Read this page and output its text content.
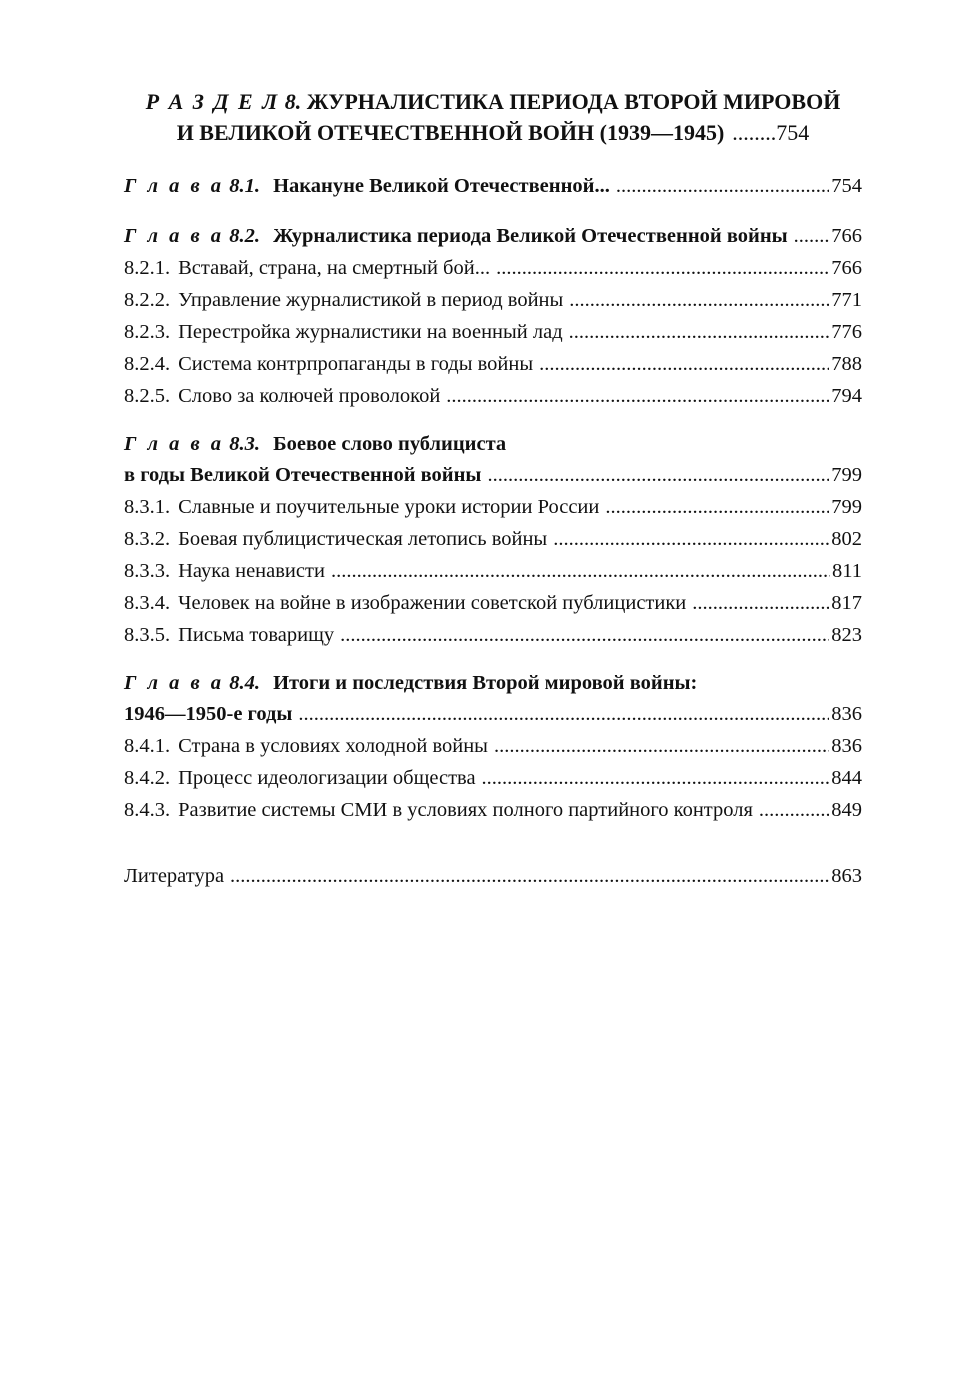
Р А З Д Е Л 8. ЖУРНАЛИСТИКА ПЕРИОДА ВТОРОЙ МИРОВОЙ
И ВЕЛИКОЙ ОТЕЧЕСТВЕННОЙ ВОЙН (1939—1945) ..... 754
Г л а в а 8.1. Накануне Великой Отечественной... .....	754
Г л а в а 8.2. Журналистика периода Великой Отечественной войны ..... 766
8.2.1. Вставай, страна, на смертный бой... .....	766
8.2.2. Управление журналистикой в период войны .....	771
8.2.3. Перестройка журналистики на военный лад .....	776
8.2.4. Система контрпропаганды в годы войны .....	788
8.2.5. Слово за колючей проволокой .....	794
Г л а в а 8.3. Боевое слово публициста
в годы Великой Отечественной войны .....	799
8.3.1. Славные и поучительные уроки истории России .....	799
8.3.2. Боевая публицистическая летопись войны .....	802
8.3.3. Наука ненависти .....	811
8.3.4. Человек на войне в изображении советской публицистики .....	817
8.3.5. Письма товарищу .....	823
Г л а в а 8.4. Итоги и последствия Второй мировой войны:
1946—1950-е годы .....	836
8.4.1. Страна в условиях холодной войны .....	836
8.4.2. Процесс идеологизации общества .....	844
8.4.3. Развитие системы СМИ в условиях полного партийного контроля .....	849
Литература .....	863
